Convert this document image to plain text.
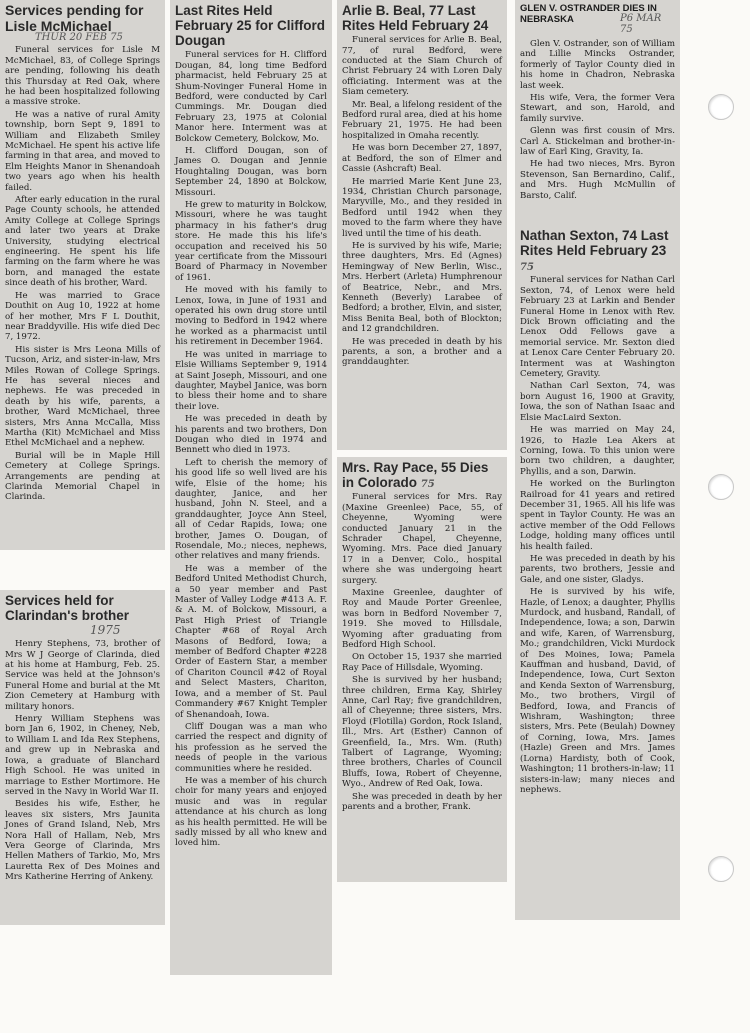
Services pending for Lisle McMichael
THUR 20 FEB 75

Funeral services for Lisle M McMichael, 83, of College Springs are pending, following his death this Thursday at Red Oak, where he had been hospitalized following a massive stroke.

He was a native of rural Amity township, born Sept 9, 1891 to William and Elizabeth Smiley McMichael. He spent his active life farming in that area, and moved to Elm Heights Manor in Shenandoah two years ago when his health failed.

After early education in the rural Page County schools, he attended Amity College at College Springs and later two years at Drake University, studying electrical engineering. He spent his life farming on the farm where he was born, and managed the estate since death of his brother, Ward.

He was married to Grace Douthit on Aug 10, 1922 at home of her mother, Mrs F L Douthit, near Braddyville. His wife died Dec 7, 1972.

His sister is Mrs Leona Mills of Tucson, Ariz, and sister-in-law, Mrs Miles Rowan of College Springs. He has several nieces and nephews. He was preceded in death by his wife, parents, a brother, Ward McMichael, three sisters, Mrs Anna McCalla, Miss Martha (Kit) McMichael and Miss Ethel McMichael and a nephew.

Burial will be in Maple Hill Cemetery at College Springs. Arrangements are pending at Clarinda Memorial Chapel in Clarinda.

Services held for Clarindan's brother
1975

Henry Stephens, 73, brother of Mrs W J George of Clarinda, died at his home at Hamburg, Feb. 25. Service was held at the Johnson's Funeral Home and burial at the Mt Zion Cemetery at Hamburg with military honors.

Henry William Stephens was born Jan 6, 1902, in Cheney, Neb, to William L and Ida Rex Stephens, and grew up in Nebraska and Iowa, a graduate of Blanchard High School. He was united in marriage to Esther Mortimore. He served in the Navy in World War II.

Besides his wife, Esther, he leaves six sisters, Mrs Jaunita Jones of Grand Island, Neb, Mrs Nora Hall of Hallam, Neb, Mrs Vera George of Clarinda, Mrs Hellen Mathers of Tarkio, Mo, Mrs Lauretta Rex of Des Moines and Mrs Katherine Herring of Ankeny.

Last Rites Held February 25 for Clifford Dougan

Funeral services for H. Clifford Dougan, 84, long time Bedford pharmacist, held February 25 at Shum-Novinger Funeral Home in Bedford, were conducted by Carl Cummings. Mr. Dougan died February 23, 1975 at Colonial Manor here. Interment was at Bolckow Cemetery, Bolckow, Mo.

H. Clifford Dougan, son of James O. Dougan and Jennie Houghtaling Dougan, was born September 24, 1890 at Bolckow, Missouri.

He grew to maturity in Bolckow, Missouri, where he was taught pharmacy in his father's drug store. He made this his life's occupation and received his 50 year certificate from the Missouri Board of Pharmacy in November of 1961.

He moved with his family to Lenox, Iowa, in June of 1931 and operated his own drug store until moving to Bedford in 1942 where he worked as a pharmacist until his retirement in December 1964.

He was united in marriage to Elsie Williams September 9, 1914 at Saint Joseph, Missouri, and one daughter, Maybel Janice, was born to bless their home and to share their love.

He was preceded in death by his parents and two brothers, Don Dougan who died in 1974 and Bennett who died in 1973.

Left to cherish the memory of his good life so well lived are his wife, Elsie of the home; his daughter, Janice, and her husband, John N. Steel, and a granddaughter, Joyce Ann Steel, all of Cedar Rapids, Iowa; one brother, James O. Dougan, of Rosendale, Mo.; nieces, nephews, other relatives and many friends.

He was a member of the Bedford United Methodist Church, a 50 year member and Past Master of Valley Lodge #413 A. F. & A. M. of Bolckow, Missouri, a Past High Priest of Triangle Chapter #68 of Royal Arch Masons of Bedford, Iowa; a member of Bedford Chapter #228 Order of Eastern Star, a member of Chariton Council #42 of Royal and Select Masters, Chariton, Iowa, and a member of St. Paul Commandery #67 Knight Templer of Shenandoah, Iowa.

Cliff Dougan was a man who carried the respect and dignity of his profession as he served the needs of people in the various communities where he resided.

He was a member of his church choir for many years and enjoyed music and was in regular attendance at his church as long as his health permitted. He will be sadly missed by all who knew and loved him.

Arlie B. Beal, 77 Last Rites Held February 24

Funeral services for Arlie B. Beal, 77, of rural Bedford, were conducted at the Siam Church of Christ February 24 with Loren Daly officiating. Interment was at the Siam cemetery.

Mr. Beal, a lifelong resident of the Bedford rural area, died at his home February 21, 1975. He had been hospitalized in Omaha recently.

He was born December 27, 1897, at Bedford, the son of Elmer and Cassie (Ashcraft) Beal.

He married Marie Kent June 23, 1934, Christian Church parsonage, Maryville, Mo., and they resided in Bedford until 1942 when they moved to the farm where they have lived until the time of his death.

He is survived by his wife, Marie; three daughters, Mrs. Ed (Agnes) Hemingway of New Berlin, Wisc., Mrs. Herbert (Arleta) Humphrenour of Beatrice, Nebr., and Mrs. Kenneth (Beverly) Larabee of Bedford; a brother, Elvin, and sister, Miss Benita Beal, both of Blockton; and 12 grandchildren.

He was preceded in death by his parents, a son, a brother and a granddaughter.

Mrs. Ray Pace, 55 Dies in Colorado 75

Funeral services for Mrs. Ray (Maxine Greenlee) Pace, 55, of Cheyenne, Wyoming were conducted January 21 in the Schrader Chapel, Cheyenne, Wyoming. Mrs. Pace died January 17 in a Denver, Colo., hospital where she was undergoing heart surgery.

Maxine Greenlee, daughter of Roy and Maude Porter Greenlee, was born in Bedford November 7, 1919. She moved to Hillsdale, Wyoming after graduating from Bedford High School.

On October 15, 1937 she married Ray Pace of Hillsdale, Wyoming.

She is survived by her husband; three children, Erma Kay, Shirley Anne, Carl Ray; five grandchildren, all of Cheyenne; three sisters, Mrs. Floyd (Flotilla) Gordon, Rock Island, Ill., Mrs. Art (Esther) Cannon of Greenfield, Ia., Mrs. Wm. (Ruth) Talbert of Lagrange, Wyoming; three brothers, Charles of Council Bluffs, Iowa, Robert of Cheyenne, Wyo., Andrew of Red Oak, Iowa.

She was preceded in death by her parents and a brother, Frank.

GLEN V. OSTRANDER DIES IN NEBRASKA	P6 MAR 75

Glen V. Ostrander, son of William and Lillie Mincks Ostrander, formerly of Taylor County died in his home in Chadron, Nebraska last week.

His wife, Vera, the former Vera Stewart, and son, Harold, and family survive.

Glenn was first cousin of Mrs. Carl A. Stickelman and brother-in-law of Earl King, Gravity, Ia.

He had two nieces, Mrs. Byron Stevenson, San Bernardino, Calif., and Mrs. Hugh McMullin of Barsto, Calif.

Nathan Sexton, 74 Last Rites Held February 23 75

Funeral services for Nathan Carl Sexton, 74, of Lenox were held February 23 at Larkin and Bender Funeral Home in Lenox with Rev. Dick Brown officiating and the Lenox Odd Fellows gave a memorial service. Mr. Sexton died at Lenox Care Center February 20. Interment was at Washington Cemetery, Gravity.

Nathan Carl Sexton, 74, was born August 16, 1900 at Gravity, Iowa, the son of Nathan Isaac and Elsie MacLaird Sexton.

He was married on May 24, 1926, to Hazle Lea Akers at Corning, Iowa. To this union were born two children, a daughter, Phyllis, and a son, Darwin.

He worked on the Burlington Railroad for 41 years and retired December 31, 1965. All his life was spent in Taylor County. He was an active member of the Odd Fellows Lodge, holding many offices until his health failed.

He was preceded in death by his parents, two brothers, Jessie and Gale, and one sister, Gladys.

He is survived by his wife, Hazle, of Lenox; a daughter, Phyllis Murdock, and husband, Randall, of Independence, Iowa; a son, Darwin and wife, Karen, of Warrensburg, Mo.; grandchildren, Vicki Murdock of Des Moines, Iowa; Pamela Kauffman and husband, David, of Independence, Iowa, Curt Sexton and Kenda Sexton of Warrensburg, Mo., two brothers, Virgil of Bedford, Iowa, and Francis of Wishram, Washington; three sisters, Mrs. Pete (Beulah) Downey of Corning, Iowa, Mrs. James (Hazle) Green and Mrs. James (Lorna) Hardisty, both of Cook, Washington; 11 brothers-in-law; 11 sisters-in-law; many nieces and nephews.
